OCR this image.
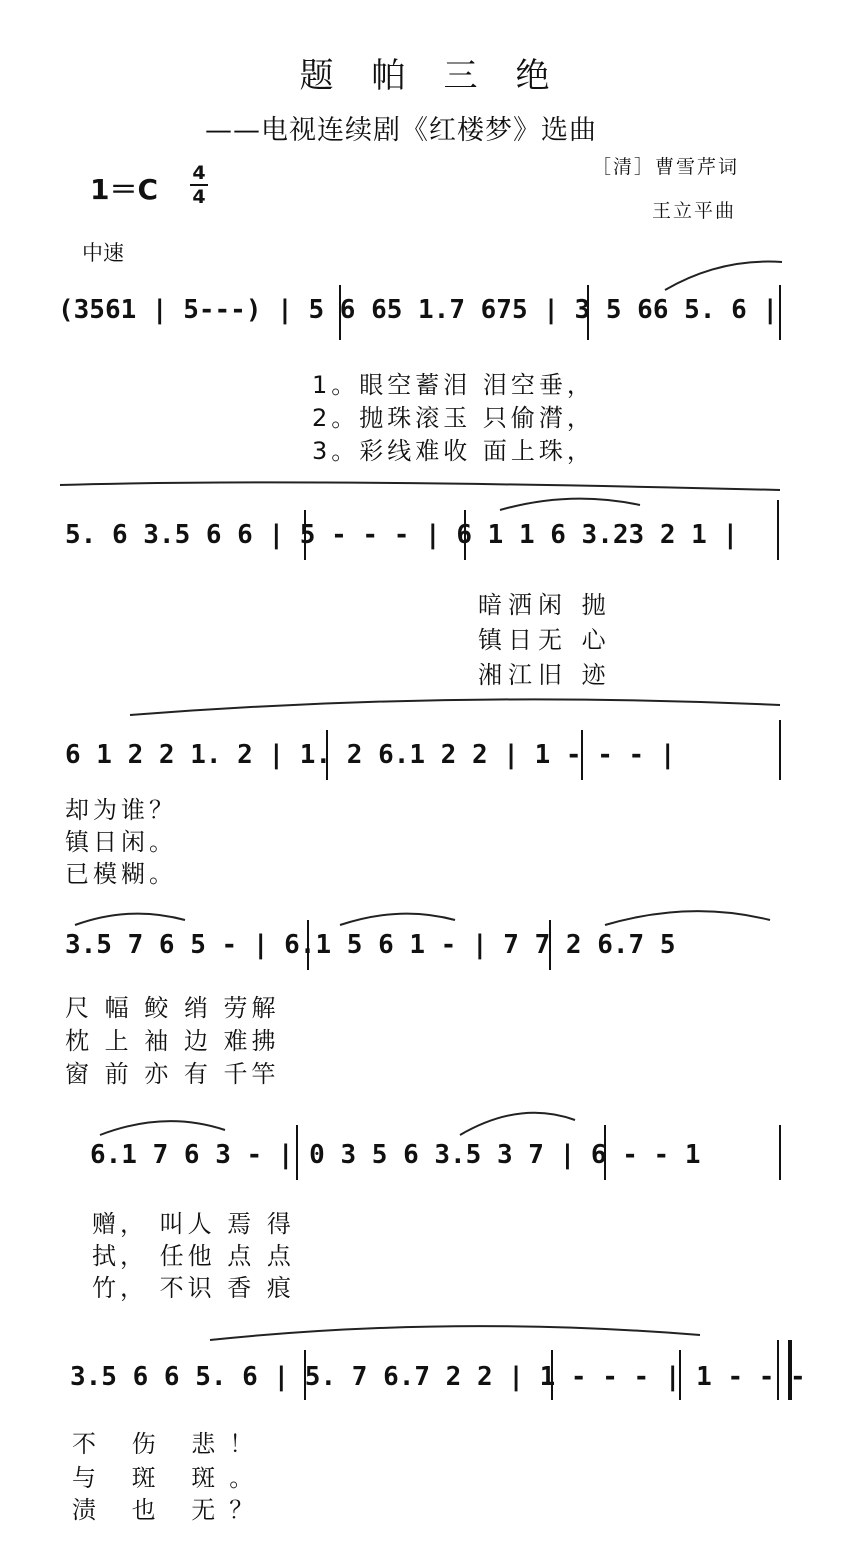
题帕三绝
——电视连续剧《红楼梦》选曲
［清］曹雪芹词
王立平曲
1＝C 4
4
中速
(3561 | 5---) | 5 6 65 1.7 675 | 3 5 66 5. 6 |
1。眼空蓄泪 泪空垂，
2。抛珠滚玉 只偷潸，
3。彩线难收 面上珠，
5. 6 3.5 6 6 | 5 - - - | 6 1 1 6 3.23 2 1 |
暗洒闲 抛
镇日无 心
湘江旧 迹
6 1 2 2 1. 2 | 1. 2 6.1 2 2 | 1 - - - |
却为谁？
镇日闲。
已模糊。
3.5 7 6 5 - | 6.1 5 6 1 - | 7 7 2 6.7 5
尺 幅 鲛 绡 劳解
枕 上 袖 边 难拂
窗 前 亦 有 千竿
6.1 7 6 3 - | 0 3 5 6 3.5 3 7 | 6 - - 1
赠， 叫人 焉 得
拭， 任他 点 点
竹， 不识 香 痕
3.5 6 6 5. 6 | 5. 7 6.7 2 2 | 1 - - - | 1 - - -
不 伤 悲！
与 斑 斑。
渍 也 无？
